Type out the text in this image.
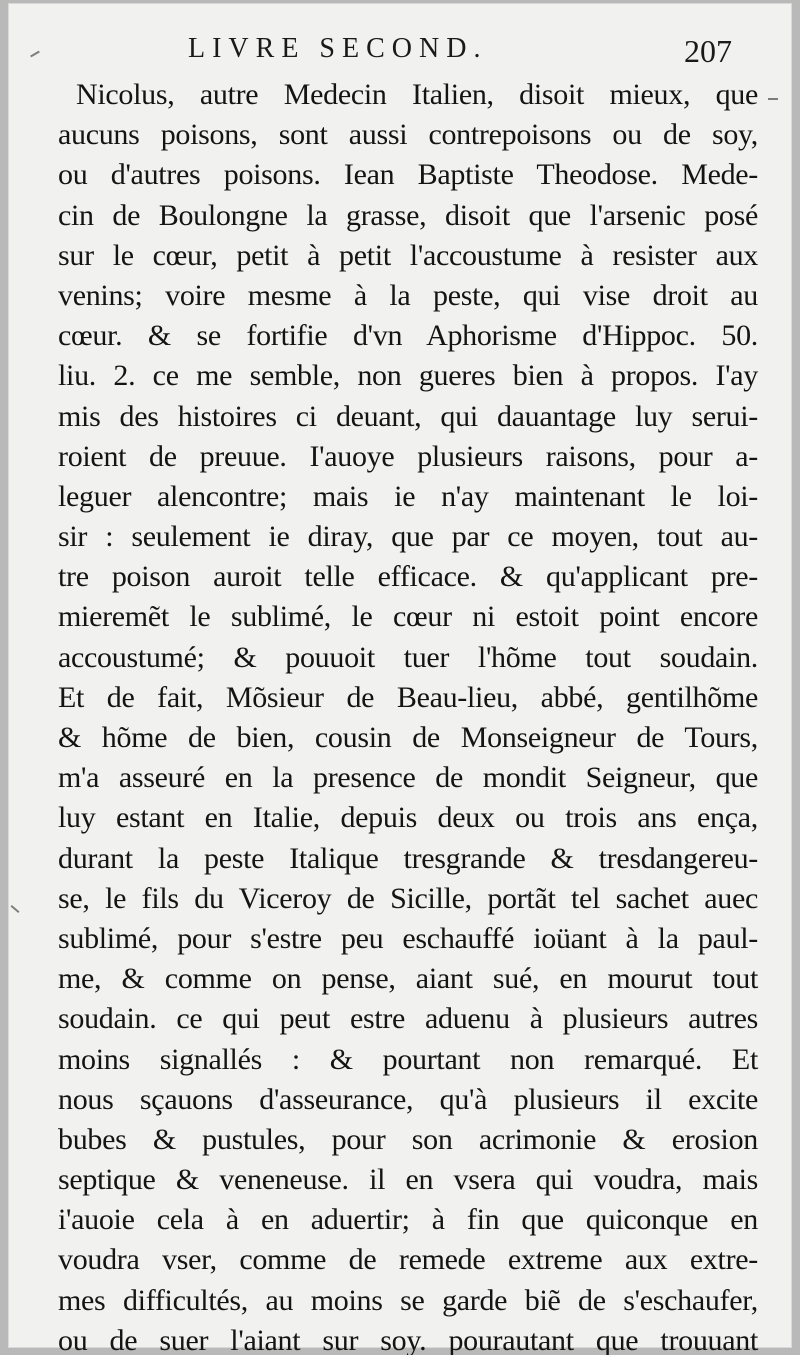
LIVRE SECOND.	207
Nicolus, autre Medecin Italien, disoit mieux, que
aucuns poisons, sont aussi contrepoisons ou de soy,
ou d'autres poisons. Iean Baptiste Theodose. Mede-
cin de Boulongne la grasse, disoit que l'arsenic posé
sur le cœur, petit à petit l'accoustume à resister aux
venins; voire mesme à la peste, qui vise droit au
cœur. & se fortifie d'vn Aphorisme d'Hippoc. 50.
liu. 2. ce me semble, non gueres bien à propos. I'ay
mis des histoires ci deuant, qui dauantage luy serui-
roient de preuue. I'auoye plusieurs raisons, pour a-
leguer alencontre; mais ie n'ay maintenant le loi-
sir : seulement ie diray, que par ce moyen, tout au-
tre poison auroit telle efficace. & qu'applicant pre-
mieremẽt le sublimé, le cœur ni estoit point encore
accoustumé; & pouuoit tuer l'hõme tout soudain.
Et de fait, Mõsieur de Beau-lieu, abbé, gentilhõme
& hõme de bien, cousin de Monseigneur de Tours,
m'a asseuré en la presence de mondit Seigneur, que
luy estant en Italie, depuis deux ou trois ans ença,
durant la peste Italique tresgrande & tresdangereu-
se, le fils du Viceroy de Sicille, portãt tel sachet auec
sublimé, pour s'estre peu eschauffé ioüant à la paul-
me, & comme on pense, aiant sué, en mourut tout
soudain. ce qui peut estre aduenu à plusieurs autres
moins signallés : & pourtant non remarqué. Et
nous sçauons d'asseurance, qu'à plusieurs il excite
bubes & pustules, pour son acrimonie & erosion
septique & veneneuse. il en vsera qui voudra, mais
i'auoie cela à en aduertir; à fin que quiconque en
voudra vser, comme de remede extreme aux extre-
mes difficultés, au moins se garde biẽ de s'eschaufer,
ou de suer l'aiant sur soy. pourautant que trouuant
